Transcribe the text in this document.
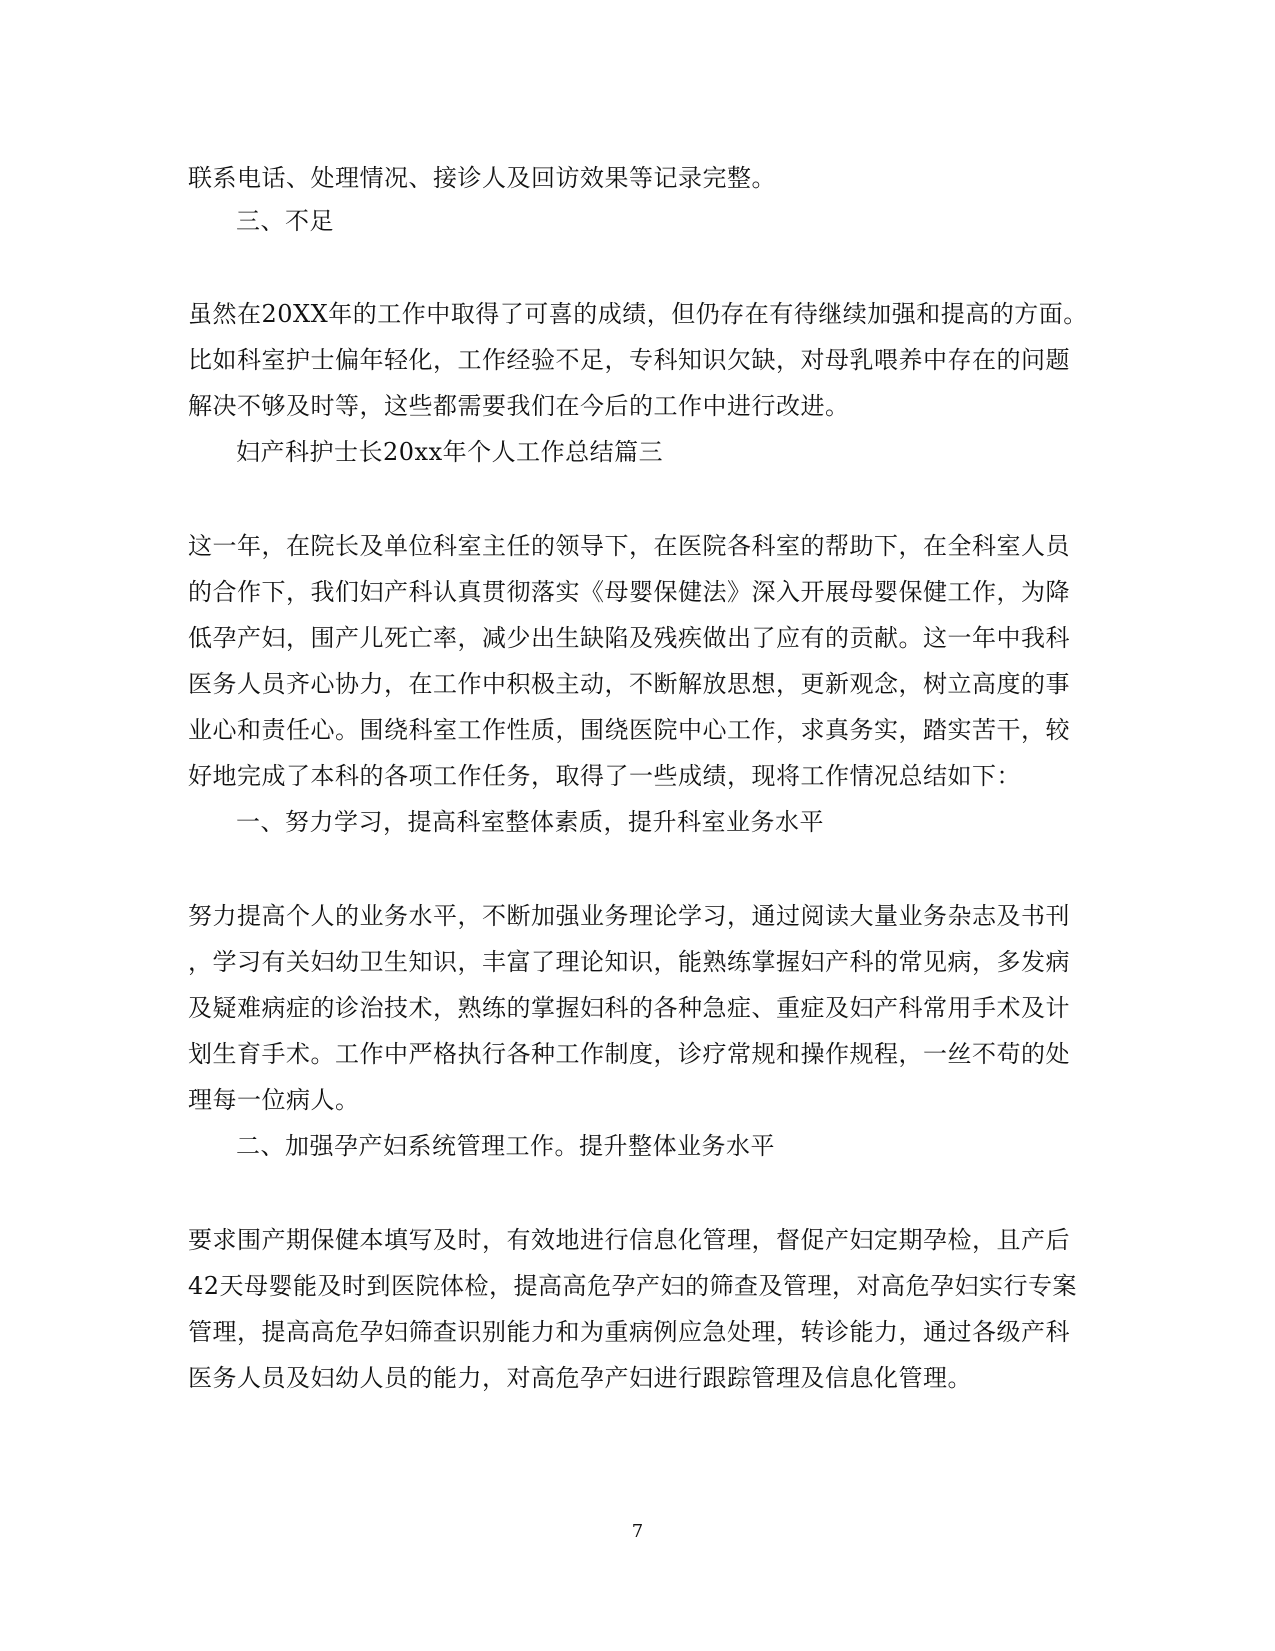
联系电话、处理情况、接诊人及回访效果等记录完整。
三、不足
虽然在20XX年的工作中取得了可喜的成绩，但仍存在有待继续加强和提高的方面。
比如科室护士偏年轻化，工作经验不足，专科知识欠缺，对母乳喂养中存在的问题
解决不够及时等，这些都需要我们在今后的工作中进行改进。
妇产科护士长20xx年个人工作总结篇三
这一年，在院长及单位科室主任的领导下，在医院各科室的帮助下，在全科室人员
的合作下，我们妇产科认真贯彻落实《母婴保健法》深入开展母婴保健工作，为降
低孕产妇，围产儿死亡率，减少出生缺陷及残疾做出了应有的贡献。这一年中我科
医务人员齐心协力，在工作中积极主动，不断解放思想，更新观念，树立高度的事
业心和责任心。围绕科室工作性质，围绕医院中心工作，求真务实，踏实苦干，较
好地完成了本科的各项工作任务，取得了一些成绩，现将工作情况总结如下：
一、努力学习，提高科室整体素质，提升科室业务水平
努力提高个人的业务水平，不断加强业务理论学习，通过阅读大量业务杂志及书刊
，学习有关妇幼卫生知识，丰富了理论知识，能熟练掌握妇产科的常见病，多发病
及疑难病症的诊治技术，熟练的掌握妇科的各种急症、重症及妇产科常用手术及计
划生育手术。工作中严格执行各种工作制度，诊疗常规和操作规程，一丝不苟的处
理每一位病人。
二、加强孕产妇系统管理工作。提升整体业务水平
要求围产期保健本填写及时，有效地进行信息化管理，督促产妇定期孕检，且产后
42天母婴能及时到医院体检，提高高危孕产妇的筛查及管理，对高危孕妇实行专案
管理，提高高危孕妇筛查识别能力和为重病例应急处理，转诊能力，通过各级产科
医务人员及妇幼人员的能力，对高危孕产妇进行跟踪管理及信息化管理。
7
